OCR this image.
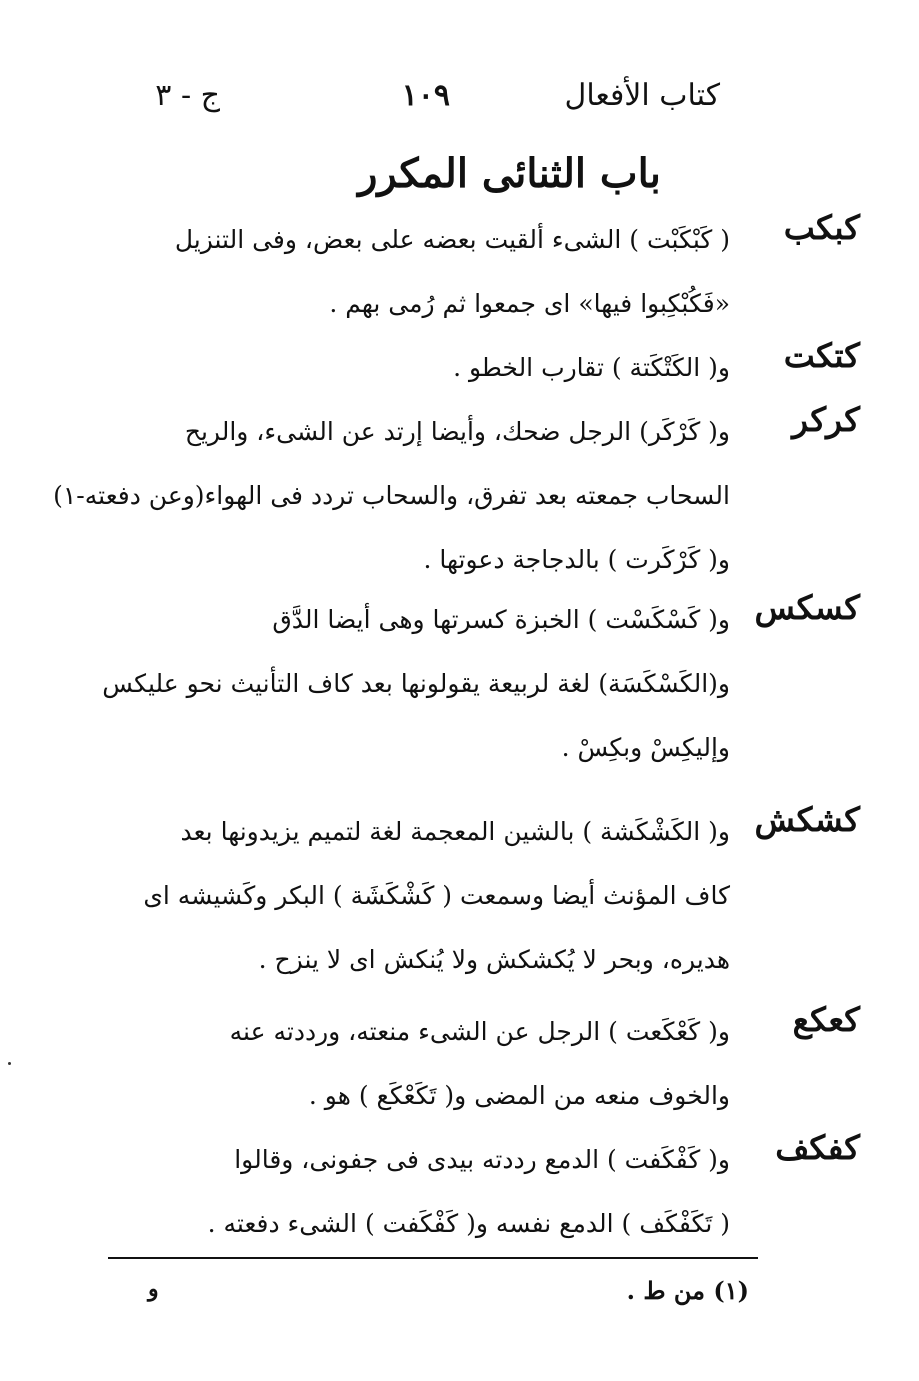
كتاب الأفعال
١٠٩
ج - ٣
باب الثنائى المكرر
كبكب
( كَبْكَبْت ) الشىء ألقيت بعضه على بعض، وفى التنزيل
«فَكُبْكِبوا فيها» اى جمعوا ثم رُمى بهم .
كتكت
و( الكَتْكَتة ) تقارب الخطو .
كركر
و( كَرْكَر) الرجل ضحك، وأيضا إرتد عن الشىء، والريح
السحاب جمعته بعد تفرق، والسحاب تردد فى الهواء(وعن دفعته-١)
و( كَرْكَرت ) بالدجاجة دعوتها .
كسكس
و( كَسْكَسْت ) الخبزة كسرتها وهى أيضا الدَّق
و(الكَسْكَسَة) لغة لربيعة يقولونها بعد كاف التأنيث نحو عليكس
وإليكِسْ وبكِسْ .
كشكش
و( الكَشْكَشة ) بالشين المعجمة لغة لتميم يزيدونها بعد
كاف المؤنث أيضا وسمعت ( كَشْكَشَة ) البكر وكَشيشه اى
هديره، وبحر لا يُكشكش ولا يُنكش اى لا ينزح .
كعكع
و( كَعْكَعت ) الرجل عن الشىء منعته، ورددته عنه
والخوف منعه من المضى و( تَكَعْكَع ) هو .
كفكف
و( كَفْكَفت ) الدمع رددته بيدى فى جفونى، وقالوا
( تَكَفْكَف ) الدمع نفسه و( كَفْكَفت ) الشىء دفعته .
(١) من ط .
و
